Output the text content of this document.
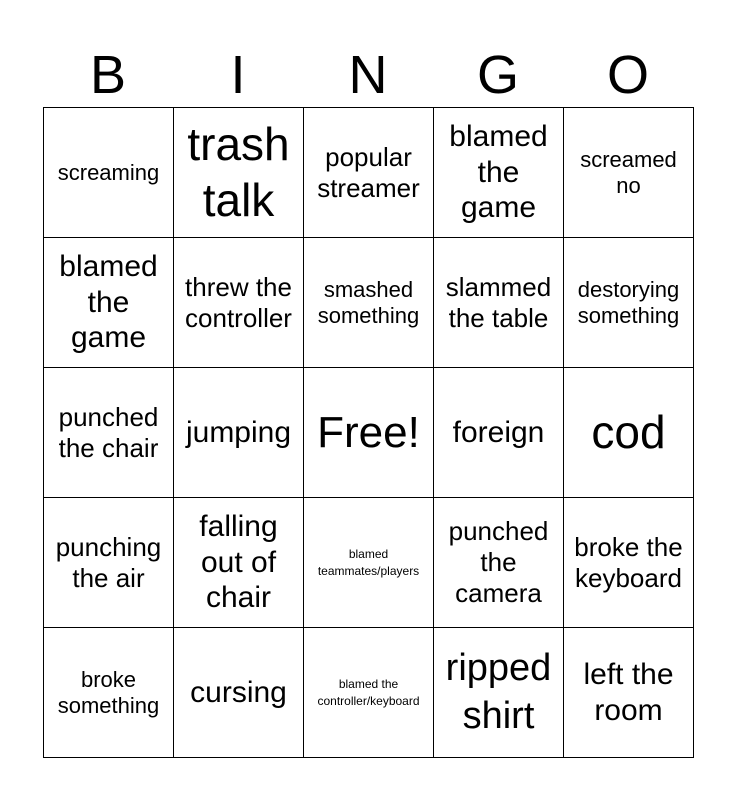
B	I	N	G	O
screaming	trash talk	popular streamer	blamed the game	screamed no
blamed the game	threw the controller	smashed something	slammed the table	destorying something
punched the chair	jumping	Free!	foreign	cod
punching the air	falling out of chair	blamed teammates/players	punched the camera	broke the keyboard
broke something	cursing	blamed the controller/keyboard	ripped shirt	left the room
